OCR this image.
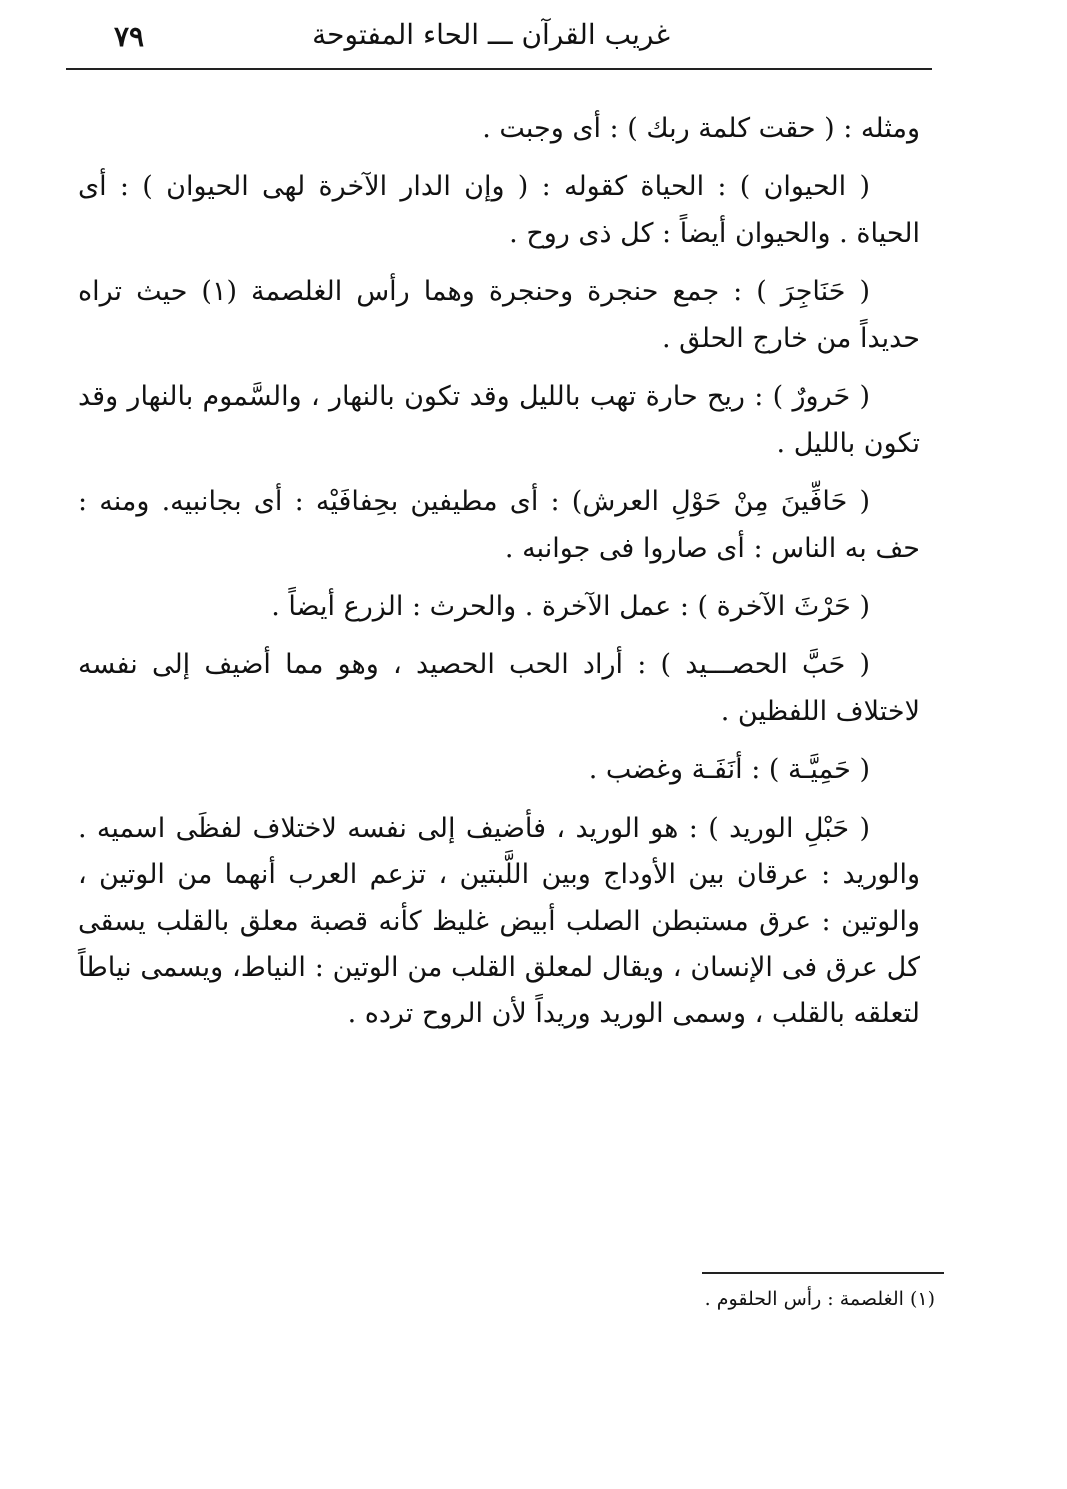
غريب القرآن ـــ الحاء المفتوحة
٧٩

ومثله : ( حقت كلمة ربك ) : أى وجبت .

( الحيوان ) : الحياة كقوله : ( وإن الدار الآخرة لهى الحيوان ) : أى الحياة . والحيوان أيضاً : كل ذى روح .

( حَنَاجِرَ ) : جمع حنجرة وحنجرة وهما رأس الغلصمة (١) حيث تراه حديداً من خارج الحلق .

( حَرورٌ ) : ريح حارة تهب بالليل وقد تكون بالنهار ، والسَّموم بالنهار وقد تكون بالليل .

( حَافِّينَ مِنْ حَوْلِ العرش) : أى مطيفين بحِفافَيْه : أى بجانبيه. ومنه : حف به الناس : أى صاروا فى جوانبه .

( حَرْثَ الآخرة ) : عمل الآخرة . والحرث : الزرع أيضاً .

( حَبَّ الحصـــيد ) : أراد الحب الحصيد ، وهو مما أضيف إلى نفسه لاختلاف اللفظين .

( حَمِيَّـة ) : أنَفَـة وغضب .

( حَبْلِ الوريد ) : هو الوريد ، فأضيف إلى نفسه لاختلاف لفظَى اسميه . والوريد : عرقان بين الأوداج وبين اللَّبتين ، تزعم العرب أنهما من الوتين ، والوتين : عرق مستبطن الصلب أبيض غليظ كأنه قصبة معلق بالقلب يسقى كل عرق فى الإنسان ، ويقال لمعلق القلب من الوتين : النياط، ويسمى نياطاً لتعلقه بالقلب ، وسمى الوريد وريداً لأن الروح ترده .

(١) الغلصمة : رأس الحلقوم .
